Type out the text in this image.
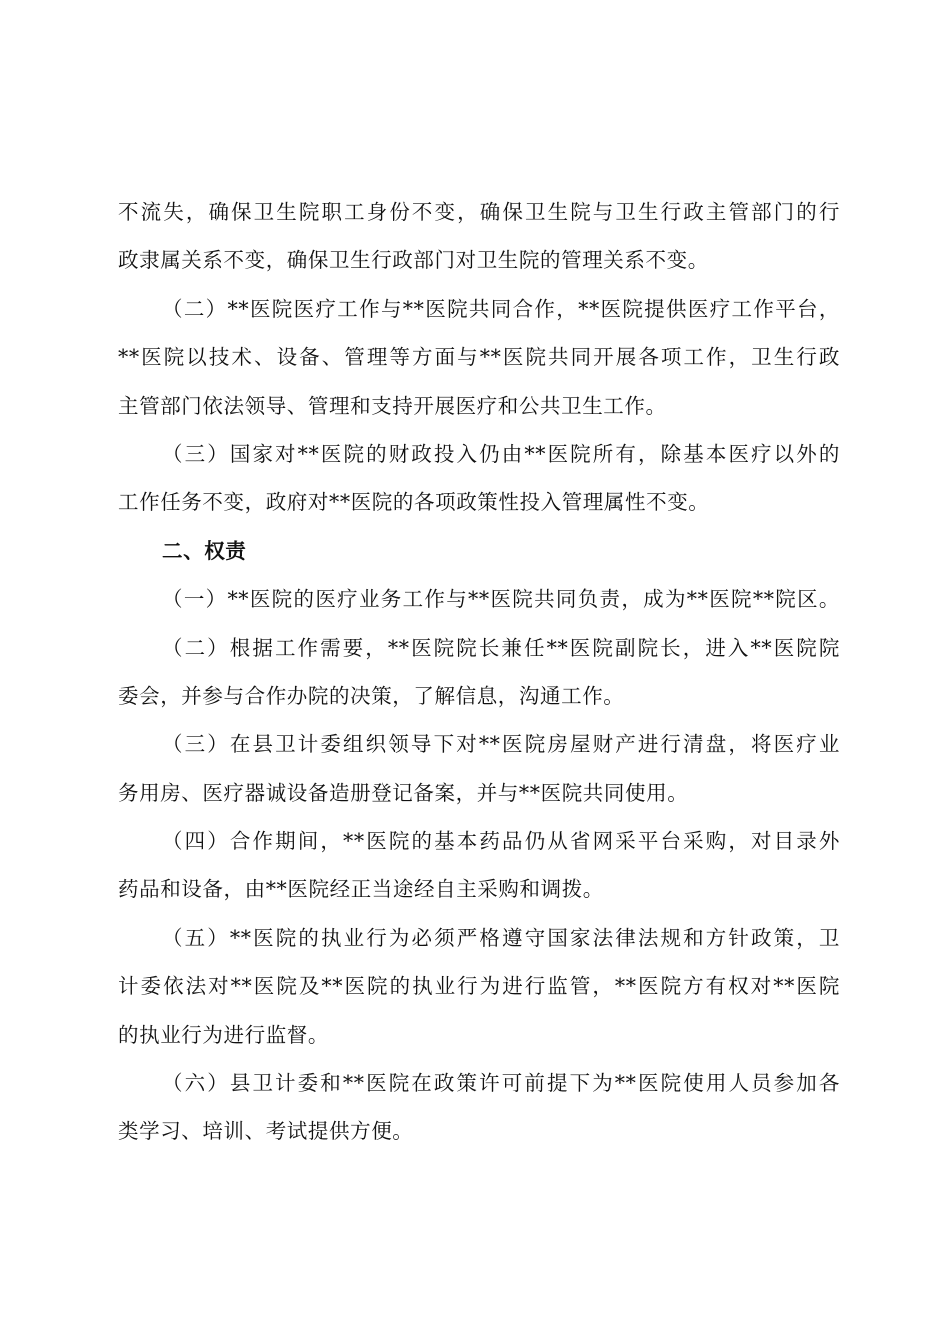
不流失，确保卫生院职工身份不变，确保卫生院与卫生行政主管部门的行
政隶属关系不变，确保卫生行政部门对卫生院的管理关系不变。
（二）**医院医疗工作与**医院共同合作，**医院提供医疗工作平台，
**医院以技术、设备、管理等方面与**医院共同开展各项工作，卫生行政
主管部门依法领导、管理和支持开展医疗和公共卫生工作。
（三）国家对**医院的财政投入仍由**医院所有，除基本医疗以外的
工作任务不变，政府对**医院的各项政策性投入管理属性不变。
二、权责
（一）**医院的医疗业务工作与**医院共同负责，成为**医院**院区。
（二）根据工作需要，**医院院长兼任**医院副院长，进入**医院院
委会，并参与合作办院的决策，了解信息，沟通工作。
（三）在县卫计委组织领导下对**医院房屋财产进行清盘，将医疗业
务用房、医疗器诚设备造册登记备案，并与**医院共同使用。
（四）合作期间，**医院的基本药品仍从省网采平台采购，对目录外
药品和设备，由**医院经正当途经自主采购和调拨。
（五）**医院的执业行为必须严格遵守国家法律法规和方针政策，卫
计委依法对**医院及**医院的执业行为进行监管，**医院方有权对**医院
的执业行为进行监督。
（六）县卫计委和**医院在政策许可前提下为**医院使用人员参加各
类学习、培训、考试提供方便。
